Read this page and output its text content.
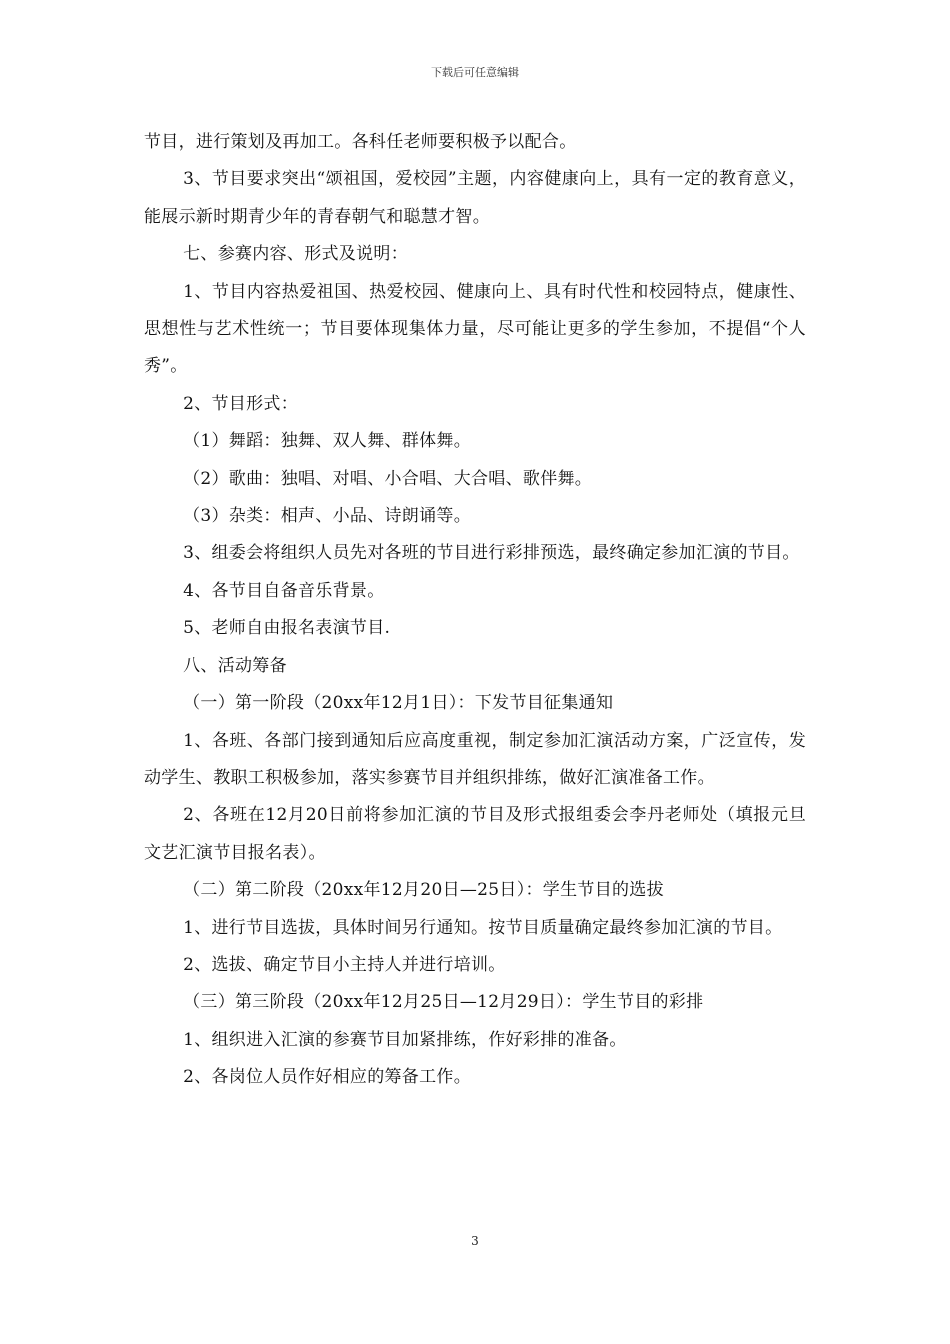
下载后可任意编辑

节目，进行策划及再加工。各科任老师要积极予以配合。

3、节目要求突出“颂祖国，爱校园”主题，内容健康向上，具有一定的教育意义，能展示新时期青少年的青春朝气和聪慧才智。

七、参赛内容、形式及说明：

1、节目内容热爱祖国、热爱校园、健康向上、具有时代性和校园特点，健康性、思想性与艺术性统一；节目要体现集体力量，尽可能让更多的学生参加，不提倡“个人秀”。

2、节目形式：

（1）舞蹈：独舞、双人舞、群体舞。

（2）歌曲：独唱、对唱、小合唱、大合唱、歌伴舞。

（3）杂类：相声、小品、诗朗诵等。

3、组委会将组织人员先对各班的节目进行彩排预选，最终确定参加汇演的节目。

4、各节目自备音乐背景。

5、老师自由报名表演节目.

八、活动筹备

（一）第一阶段（20xx年12月1日）：下发节目征集通知

1、各班、各部门接到通知后应高度重视，制定参加汇演活动方案，广泛宣传，发动学生、教职工积极参加，落实参赛节目并组织排练，做好汇演准备工作。

2、各班在12月20日前将参加汇演的节目及形式报组委会李丹老师处（填报元旦文艺汇演节目报名表）。

（二）第二阶段（20xx年12月20日—25日）：学生节目的选拔

1、进行节目选拔，具体时间另行通知。按节目质量确定最终参加汇演的节目。

2、选拔、确定节目小主持人并进行培训。

（三）第三阶段（20xx年12月25日—12月29日）：学生节目的彩排

1、组织进入汇演的参赛节目加紧排练，作好彩排的准备。

2、各岗位人员作好相应的筹备工作。

3
